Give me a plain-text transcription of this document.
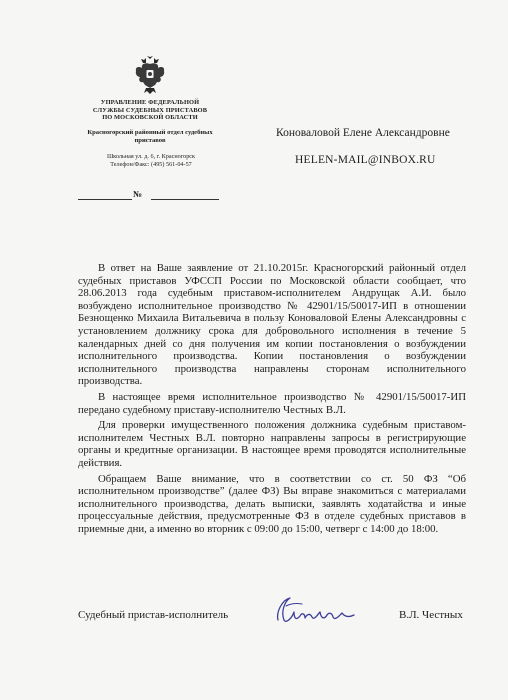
УПРАВЛЕНИЕ ФЕДЕРАЛЬНОЙ
СЛУЖБЫ СУДЕБНЫХ ПРИСТАВОВ
ПО МОСКОВСКОЙ ОБЛАСТИ
Красногорский районный отдел судебных
приставов
Школьная ул. д. 6, г. Красногорск
Телефон/Факс: (495) 561-04-57
№
Коноваловой Елене Александровне
HELEN-MAIL@INBOX.RU

В ответ на Ваше заявление от 21.10.2015г. Красногорский районный отдел судебных приставов УФССП России по Московской области сообщает, что 28.06.2013 года судебным приставом-исполнителем Андрущак А.И. было возбуждено исполнительное производство № 42901/15/50017-ИП в отношении Безнощенко Михаила Витальевича в пользу Коноваловой Елены Александровны с установлением должнику срока для добровольного исполнения в течение 5 календарных дней со дня получения им копии постановления о возбуждении исполнительного производства. Копии постановления о возбуждении исполнительного производства направлены сторонам исполнительного производства.

В настоящее время исполнительное производство № 42901/15/50017-ИП передано судебному приставу-исполнителю Честных В.Л.

Для проверки имущественного положения должника судебным приставом-исполнителем Честных В.Л. повторно направлены запросы в регистрирующие органы и кредитные организации. В настоящее время проводятся исполнительные действия.

Обращаем Ваше внимание, что в соответствии со ст. 50 ФЗ “Об исполнительном производстве” (далее ФЗ) Вы вправе знакомиться с материалами исполнительного производства, делать выписки, заявлять ходатайства и иные процессуальные действия, предусмотренные ФЗ в отделе судебных приставов в приемные дни, а именно во вторник с 09:00 до 15:00, четверг с 14:00 до 18:00.

Судебный пристав-исполнитель	В.Л. Честных
